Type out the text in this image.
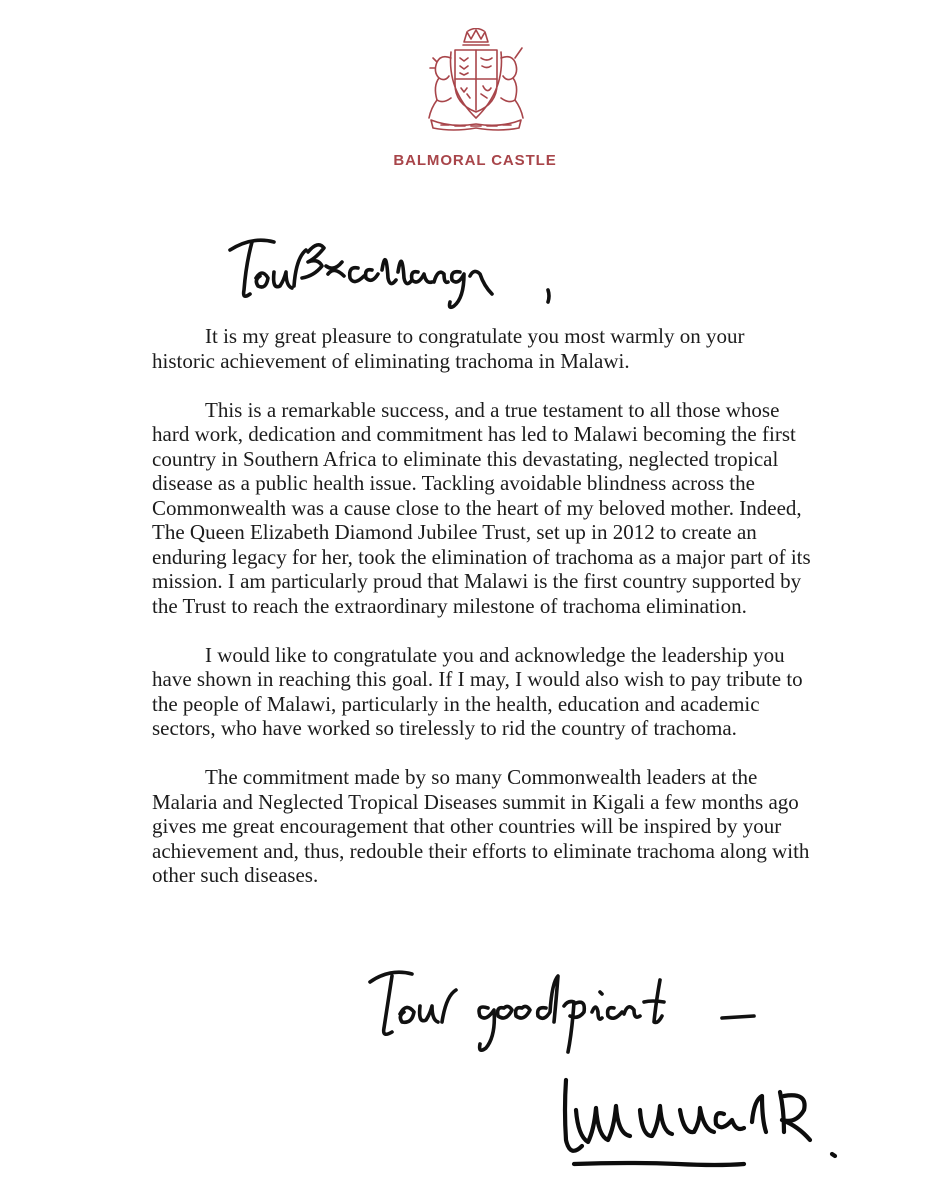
BALMORAL CASTLE

It is my great pleasure to congratulate you most warmly on your historic achievement of eliminating trachoma in Malawi.

This is a remarkable success, and a true testament to all those whose hard work, dedication and commitment has led to Malawi becoming the first country in Southern Africa to eliminate this devastating, neglected tropical disease as a public health issue. Tackling avoidable blindness across the Commonwealth was a cause close to the heart of my beloved mother. Indeed, The Queen Elizabeth Diamond Jubilee Trust, set up in 2012 to create an enduring legacy for her, took the elimination of trachoma as a major part of its mission. I am particularly proud that Malawi is the first country supported by the Trust to reach the extraordinary milestone of trachoma elimination.

I would like to congratulate you and acknowledge the leadership you have shown in reaching this goal. If I may, I would also wish to pay tribute to the people of Malawi, particularly in the health, education and academic sectors, who have worked so tirelessly to rid the country of trachoma.

The commitment made by so many Commonwealth leaders at the Malaria and Neglected Tropical Diseases summit in Kigali a few months ago gives me great encouragement that other countries will be inspired by your achievement and, thus, redouble their efforts to eliminate trachoma along with other such diseases.
